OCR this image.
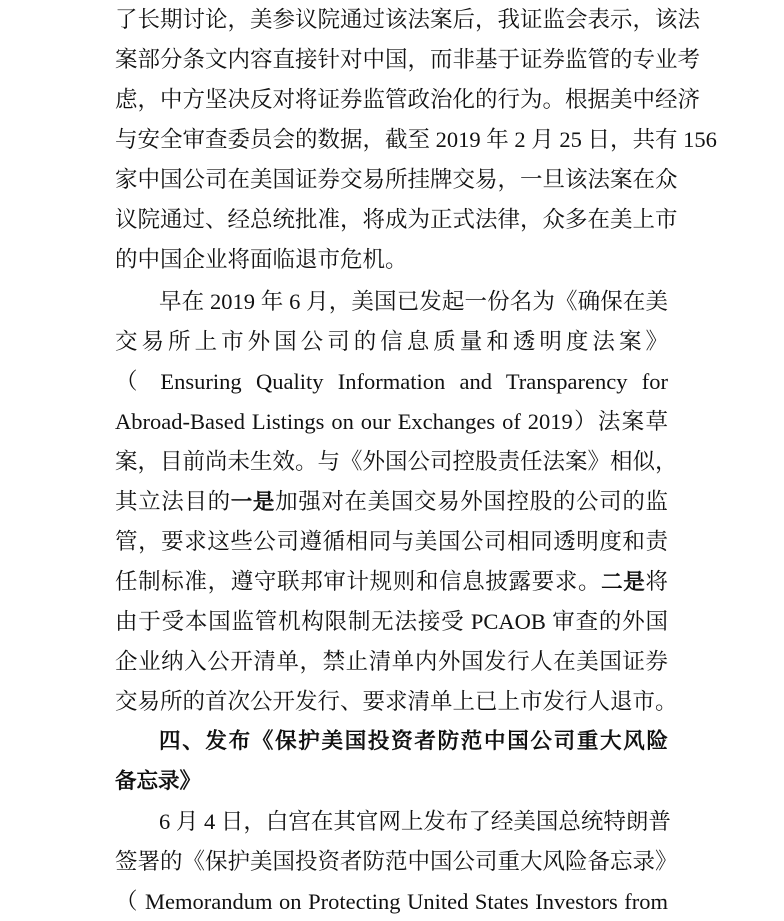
了长期讨论，美参议院通过该法案后，我证监会表示，该法
案部分条文内容直接针对中国，而非基于证券监管的专业考
虑，中方坚决反对将证券监管政治化的行为。根据美中经济
与安全审查委员会的数据，截至 2019 年 2 月 25 日，共有 156
家中国公司在美国证券交易所挂牌交易，一旦该法案在众
议院通过、经总统批准，将成为正式法律，众多在美上市
的中国企业将面临退市危机。
早在 2019 年 6 月，美国已发起一份名为《确保在美
交易所上市外国公司的信息质量和透明度法案》
（ Ensuring Quality Information and Transparency for
Abroad-Based Listings on our Exchanges of 2019）法案草
案，目前尚未生效。与《外国公司控股责任法案》相似，
其立法目的一是加强对在美国交易外国控股的公司的监
管，要求这些公司遵循相同与美国公司相同透明度和责
任制标准，遵守联邦审计规则和信息披露要求。二是将
由于受本国监管机构限制无法接受 PCAOB 审查的外国
企业纳入公开清单，禁止清单内外国发行人在美国证券
交易所的首次公开发行、要求清单上已上市发行人退市。
四、发布《保护美国投资者防范中国公司重大风险
备忘录》
6 月 4 日，白宫在其官网上发布了经美国总统特朗普
签署的《保护美国投资者防范中国公司重大风险备忘录》
（ Memorandum on Protecting United States Investors from
